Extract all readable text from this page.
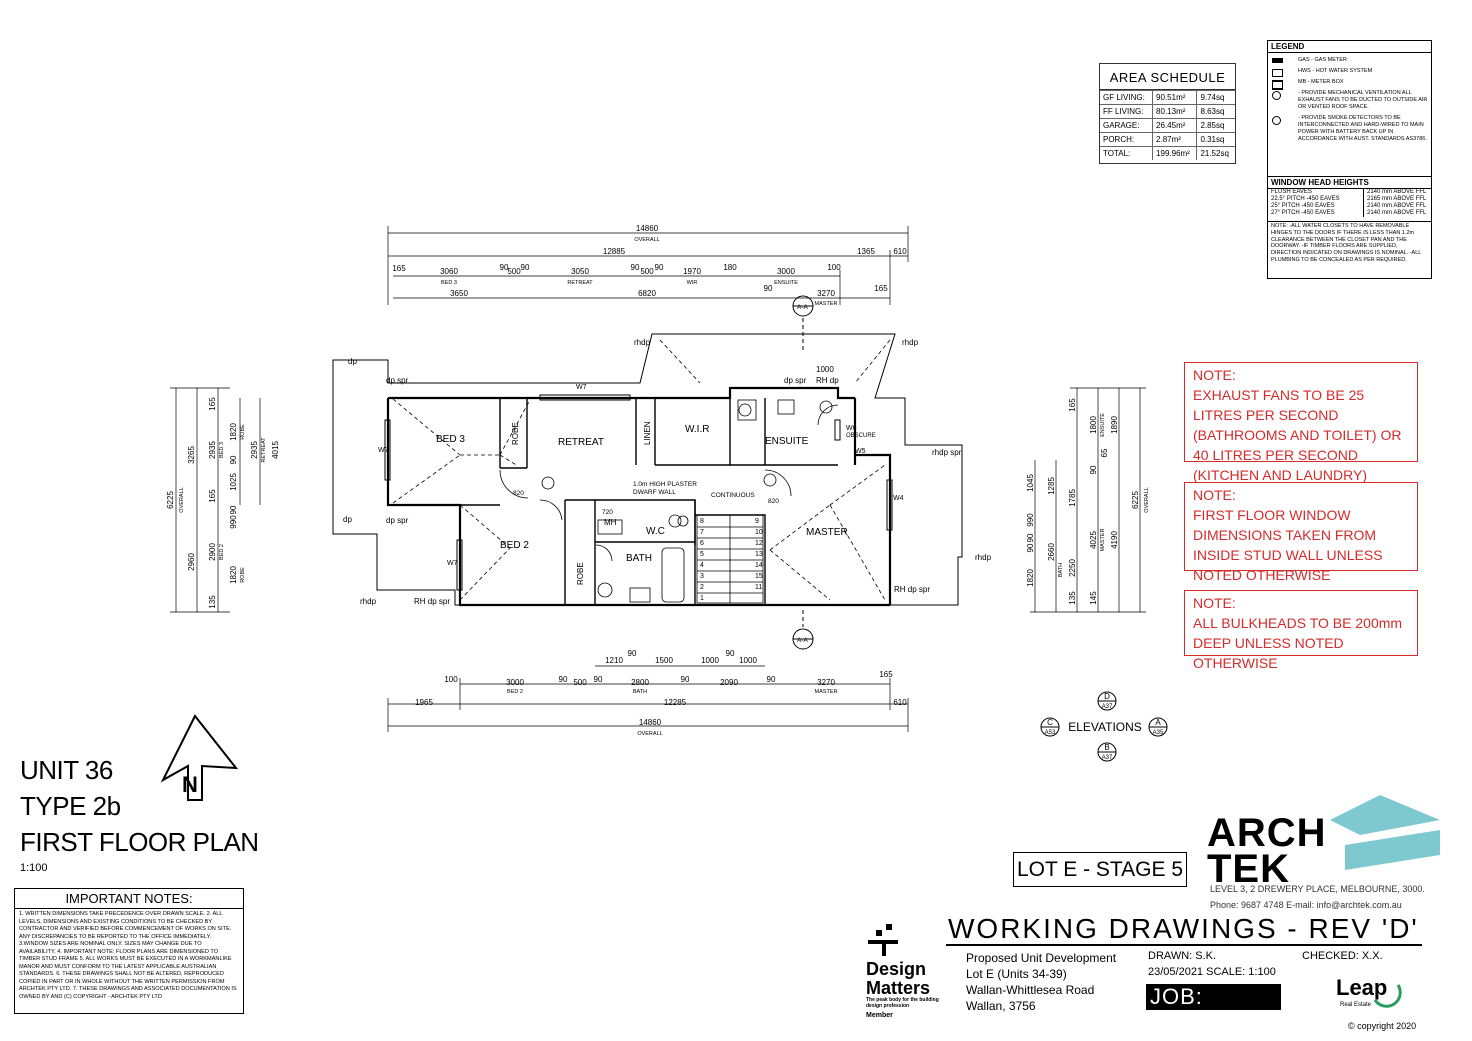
AREA SCHEDULE
GF LIVING:	90.51m²	9.74sq
FF LIVING:	80.13m²	8.63sq
GARAGE:	26.45m²	2.85sq
PORCH:	2.87m²	0.31sq
TOTAL:	199.96m²	21.52sq
LEGEND
GAS - GAS METER
HWS - HOT WATER SYSTEM
MB - METER BOX
- PROVIDE MECHANICAL VENTILATION ALL EXHAUST FANS TO BE DUCTED TO OUTSIDE AIR OR VENTED ROOF SPACE.
- PROVIDE SMOKE DETECTORS TO BE INTERCONNECTED AND HARD-WIRED TO MAIN POWER WITH BATTERY BACK UP IN ACCORDANCE WITH AUST. STANDARDS AS3786.
WINDOW HEAD HEIGHTS
FLUSH EAVES	2140 mm ABOVE FFL
22.5° PITCH -450 EAVES	2165 mm ABOVE FFL
25° PITCH -450 EAVES	2140 mm ABOVE FFL
27° PITCH -450 EAVES	2140 mm ABOVE FFL
NOTE: -ALL WATER CLOSETS TO HAVE REMOVABLE HINGES TO THE DOORS IF THERE IS LESS THAN 1.2m CLEARANCE BETWEEN THE CLOSET PAN AND THE DOORWAY. -IF TIMBER FLOORS ARE SUPPLIED, DIRECTION INDICATED ON DRAWINGS IS NOMINAL. -ALL PLUMBING TO BE CONCEALED AS PER REQUIRED.
NOTE:
EXHAUST FANS TO BE 25 LITRES PER SECOND (BATHROOMS AND TOILET) OR 40 LITRES PER SECOND (KITCHEN AND LAUNDRY)
NOTE:
FIRST FLOOR WINDOW DIMENSIONS TAKEN FROM INSIDE STUD WALL UNLESS NOTED OTHERWISE
NOTE:
ALL BULKHEADS TO BE 200mm DEEP UNLESS NOTED OTHERWISE
BED 3	ROBE	RETREAT	LINEN	W.I.R
ENSUITE
MASTER
BED 2
ROBE
BATH
W.C
MH
dp
dp spr	dp spr RH dp
dp spr
dp
RH dp spr
RH dp spr
rhdp	rhdp
rhdp
rhdp
rhdp spr
W7
W7
W7
W6
OBSCURE
W5
W4
1.0m HIGH PLASTER
DWARF WALL	CONTINUOUS
820
820
720
1000
A-A
A-A
1
2
3
4
5
6
7
8	9
10
11
12
13
14
15
14860
OVERALL
12885	1365 610
165	3060	90
500 90	3050	90 500 90 1970	180	3000	100
BED 3	RETREAT	WIR	ENSUITE
3650	6820
90
3270
165
MASTER
1210
90
1500	1000
90
1000
100	3000	90 500 90	2800	90	2090	90	3270
165
BED 2	BATH	MASTER
1965	12285	610
14860
OVERALL
6225 OVERALL
3265
2960
165
2935
165
2900
135
BED 3
BED 2
1820
90
1025
90
990
1820
ROBE
ROBE
2935 RETREAT 4015
6225 OVERALL
4190
1890
4025 MASTER
1800 ENSUITE
90
145
165
1785
2250
135
65
1285
2660
BATH
1045
990
90
1820
90
N
D
A37
C
A53
A
A35
B
A37
ELEVATIONS
UNIT 36
TYPE 2b
FIRST FLOOR PLAN
1:100
IMPORTANT NOTES:
1. WRITTEN DIMENSIONS TAKE PRECEDENCE OVER DRAWN SCALE. 2. ALL LEVELS, DIMENSIONS AND EXISTING CONDITIONS TO BE CHECKED BY CONTRACTOR AND VERIFIED BEFORE COMMENCEMENT OF WORKS ON SITE. ANY DISCREPANCIES TO BE REPORTED TO THE OFFICE IMMEDIATELY. 3.WINDOW SIZES ARE NOMINAL ONLY. SIZES MAY CHANGE DUE TO AVAILABILITY. 4. IMPORTANT NOTE: FLOOR PLANS ARE DIMENSIONED TO TIMBER STUD FRAME 5. ALL WORKS MUST BE EXECUTED IN A WORKMANLIKE MANOR AND MUST CONFORM TO THE LATEST APPLICABLE AUSTRALIAN STANDARDS. 6. THESE DRAWINGS SHALL NOT BE ALTERED, REPRODUCED COPIED IN PART OR IN WHOLE WITHOUT THE WRITTEN PERMISSION FROM ARCHTEK PTY LTD. 7. THESE DRAWINGS AND ASSOCIATED DOCUMENTATION IS OWNED BY AND (C) COPYRIGHT - ARCHTEK PTY LTD
LOT E - STAGE 5
ARCH
TEK
LEVEL 3, 2 DREWERY PLACE, MELBOURNE, 3000.
Phone: 9687 4748 E-mail: info@archtek.com.au
WORKING DRAWINGS - REV 'D'
Proposed Unit Development
Lot E (Units 34-39)
Wallan-Whittlesea Road
Wallan, 3756
DRAWN: S.K.	CHECKED: X.X.
23/05/2021 SCALE: 1:100
JOB: 021.17
Leap
Real Estate
© copyright 2020
Design
Matters
The peak body for the building design profession
Member
